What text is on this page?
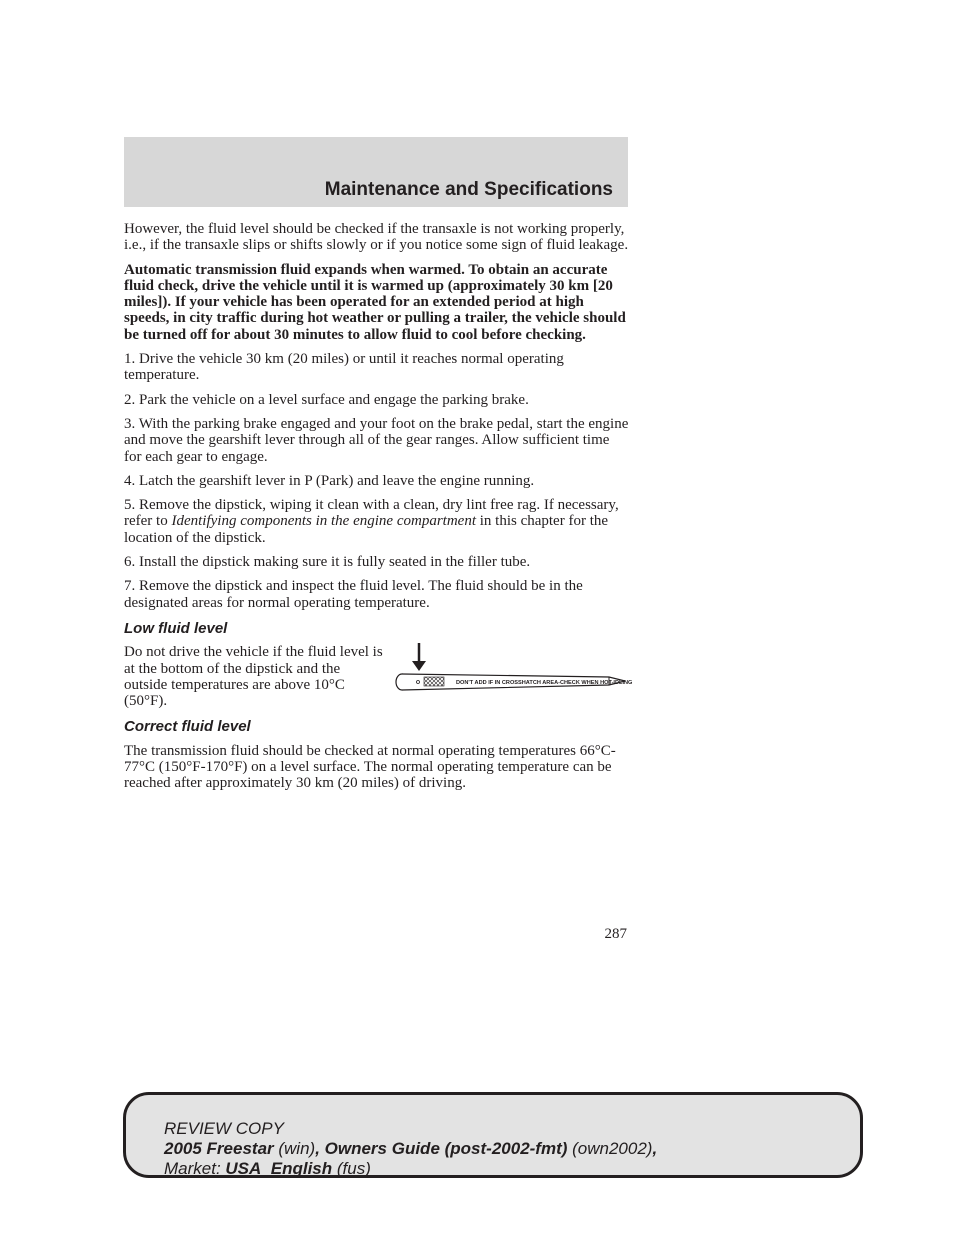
Maintenance and Specifications

However, the fluid level should be checked if the transaxle is not working properly, i.e., if the transaxle slips or shifts slowly or if you notice some sign of fluid leakage.

Automatic transmission fluid expands when warmed. To obtain an accurate fluid check, drive the vehicle until it is warmed up (approximately 30 km [20 miles]). If your vehicle has been operated for an extended period at high speeds, in city traffic during hot weather or pulling a trailer, the vehicle should be turned off for about 30 minutes to allow fluid to cool before checking.

1. Drive the vehicle 30 km (20 miles) or until it reaches normal operating temperature.

2. Park the vehicle on a level surface and engage the parking brake.

3. With the parking brake engaged and your foot on the brake pedal, start the engine and move the gearshift lever through all of the gear ranges. Allow sufficient time for each gear to engage.

4. Latch the gearshift lever in P (Park) and leave the engine running.

5. Remove the dipstick, wiping it clean with a clean, dry lint free rag. If necessary, refer to Identifying components in the engine compartment in this chapter for the location of the dipstick.

6. Install the dipstick making sure it is fully seated in the filler tube.

7. Remove the dipstick and inspect the fluid level. The fluid should be in the designated areas for normal operating temperature.

Low fluid level

Do not drive the vehicle if the fluid level is at the bottom of the dipstick and the outside temperatures are above 10°C (50°F).

DON'T ADD IF IN CROSSHATCH AREA-CHECK WHEN HOT-IDLING
Correct fluid level

The transmission fluid should be checked at normal operating temperatures 66°C-77°C (150°F-170°F) on a level surface. The normal operating temperature can be reached after approximately 30 km (20 miles) of driving.

287
REVIEW COPY
2005 Freestar (win), Owners Guide (post-2002-fmt) (own2002),
Market: USA_English (fus)
